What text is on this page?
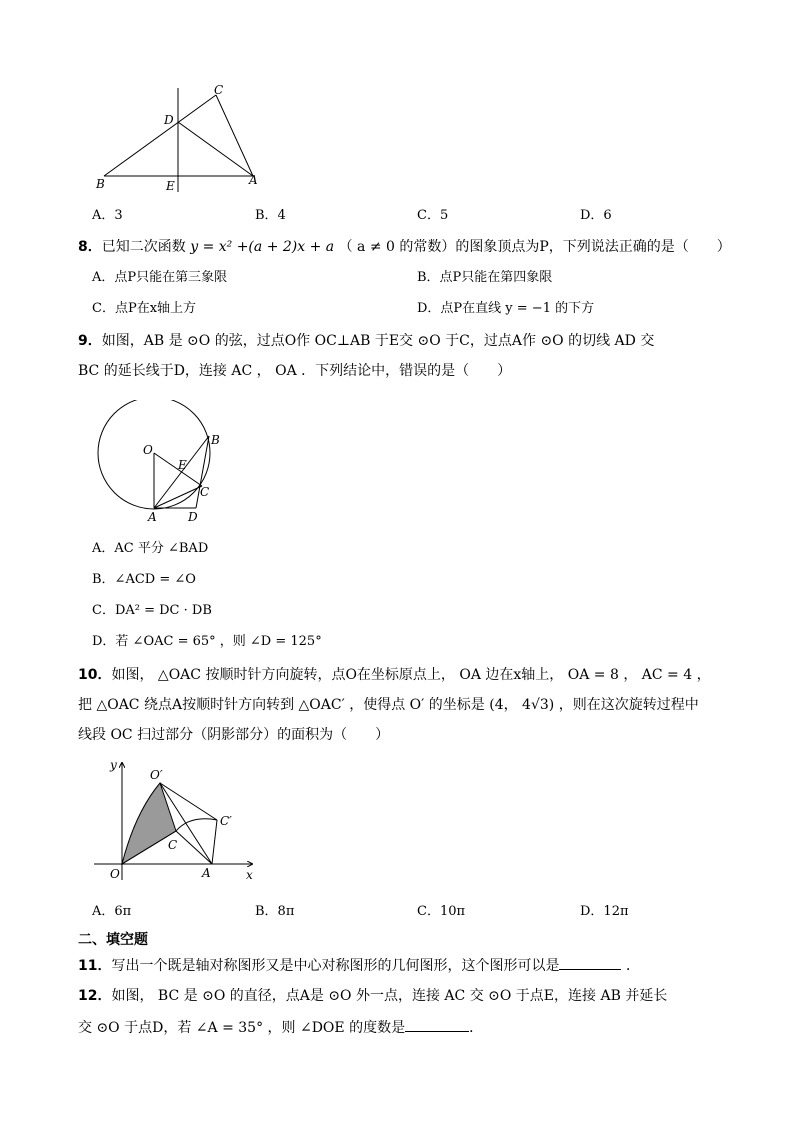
C
D
B	E	A
A．3	B．4	C．5	D．6
8．已知二次函数 y = x² +(a + 2)x + a （ a ≠ 0 的常数）的图象顶点为P，下列说法正确的是（　　）
A．点P只能在第三象限	B．点P只能在第四象限
C．点P在x轴上方	D．点P在直线 y = −1 的下方
9．如图，AB 是 ⊙O 的弦，过点O作 OC⊥AB 于E交 ⊙O 于C，过点A作 ⊙O 的切线 AD 交
BC 的延长线于D，连接 AC ， OA ．下列结论中，错误的是（　　）
O
B
E
C
A	D
A．AC 平分 ∠BAD
B．∠ACD = ∠O
C．DA² = DC · DB
D．若 ∠OAC = 65° ，则 ∠D = 125°
10．如图， △OAC 按顺时针方向旋转，点O在坐标原点上， OA 边在x轴上， OA = 8 ， AC = 4 ，
把 △OAC 绕点A按顺时针方向转到 △OAC′ ，使得点 O′ 的坐标是 (4， 4√3) ，则在这次旋转过程中
线段 OC 扫过部分（阴影部分）的面积为（　　）
y
O′
C′
C
O	A	x
A．6π	B．8π	C．10π	D．12π
二、填空题
11．写出一个既是轴对称图形又是中心对称图形的几何图形，这个图形可以是	．
12．如图， BC 是 ⊙O 的直径，点A是 ⊙O 外一点，连接 AC 交 ⊙O 于点E，连接 AB 并延长
交 ⊙O 于点D，若 ∠A = 35° ，则 ∠DOE 的度数是	．
